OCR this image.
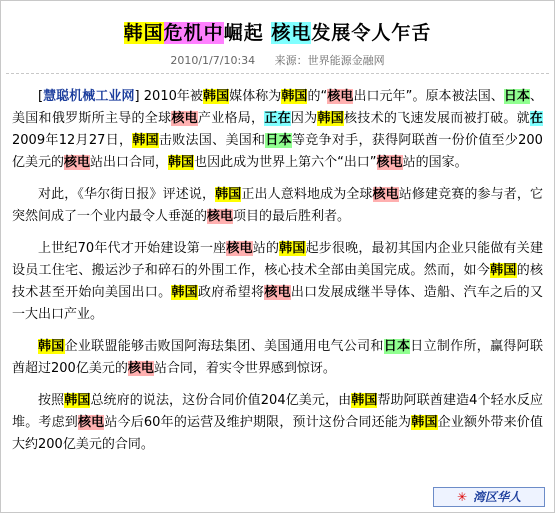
韩国危机中崛起 核电发展令人乍舌
2010/1/7/10:34 来源：世界能源金融网

[慧聪机械工业网] 2010年被韩国媒体称为韩国的“核电出口元年”。原本被法国、日本、美国和俄罗斯所主导的全球核电产业格局，正在因为韩国核技术的飞速发展而被打破。就在2009年12月27日，韩国击败法国、美国和日本等竞争对手，获得阿联酋一份价值至少200亿美元的核电站出口合同，韩国也因此成为世界上第六个“出口”核电站的国家。

对此，《华尔街日报》评述说，韩国正出人意料地成为全球核电站修建竞赛的参与者，它突然间成了一个业内最令人垂涎的核电项目的最后胜利者。

上世纪70年代才开始建设第一座核电站的韩国起步很晚，最初其国内企业只能做有关建设员工住宅、搬运沙子和碎石的外围工作，核心技术全部由美国完成。然而，如今韩国的核技术甚至开始向美国出口。韩国政府希望将核电出口发展成继半导体、造船、汽车之后的又一大出口产业。

韩国企业联盟能够击败国阿海珐集团、美国通用电气公司和日本日立制作所，赢得阿联酋超过200亿美元的核电站合同，着实令世界感到惊讶。

按照韩国总统府的说法，这份合同价值204亿美元，由韩国帮助阿联酋建造4个轻水反应堆。考虑到核电站今后60年的运营及维护期限，预计这份合同还能为韩国企业额外带来价值大约200亿美元的合同。

✳ 湾区华人
